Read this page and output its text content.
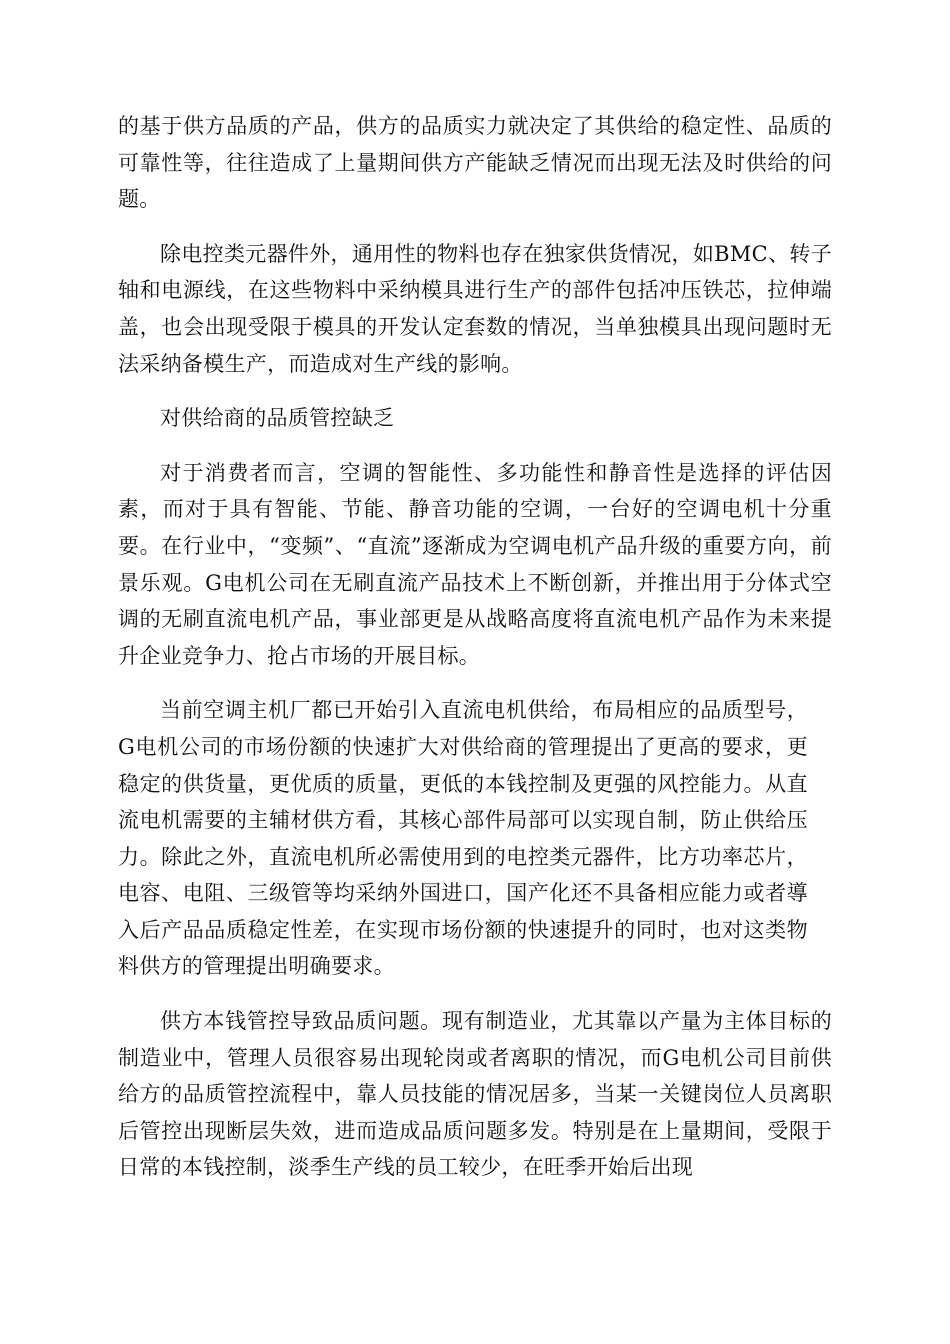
的基于供方品质的产品，供方的品质实力就决定了其供给的稳定性、品质的可靠性等，往往造成了上量期间供方产能缺乏情况而出现无法及时供给的问题。

除电控类元器件外，通用性的物料也存在独家供货情况，如BMC、转子轴和电源线，在这些物料中采纳模具进行生产的部件包括冲压铁芯，拉伸端盖，也会出现受限于模具的开发认定套数的情况，当单独模具出现问题时无法采纳备模生产，而造成对生产线的影响。

对供给商的品质管控缺乏

对于消费者而言，空调的智能性、多功能性和静音性是选择的评估因素，而对于具有智能、节能、静音功能的空调，一台好的空调电机十分重要。在行业中，“变频”、“直流”逐渐成为空调电机产品升级的重要方向，前景乐观。G电机公司在无刷直流产品技术上不断创新，并推出用于分体式空调的无刷直流电机产品，事业部更是从战略高度将直流电机产品作为未来提升企业竞争力、抢占市场的开展目标。

当前空调主机厂都已开始引入直流电机供给，布局相应的品质型号，G电机公司的市场份额的快速扩大对供给商的管理提出了更高的要求，更稳定的供货量，更优质的质量，更低的本钱控制及更强的风控能力。从直流电机需要的主辅材供方看，其核心部件局部可以实现自制，防止供给压力。除此之外，直流电机所必需使用到的电控类元器件，比方功率芯片，电容、电阻、三级管等均采纳外国进口，国产化还不具备相应能力或者導入后产品品质稳定性差，在实现市场份额的快速提升的同时，也对这类物料供方的管理提出明确要求。

供方本钱管控导致品质问题。现有制造业，尤其靠以产量为主体目标的制造业中，管理人员很容易出现轮岗或者离职的情况，而G电机公司目前供给方的品质管控流程中，靠人员技能的情况居多，当某一关键岗位人员离职后管控出现断层失效，进而造成品质问题多发。特别是在上量期间，受限于日常的本钱控制，淡季生产线的员工较少，在旺季开始后出现
